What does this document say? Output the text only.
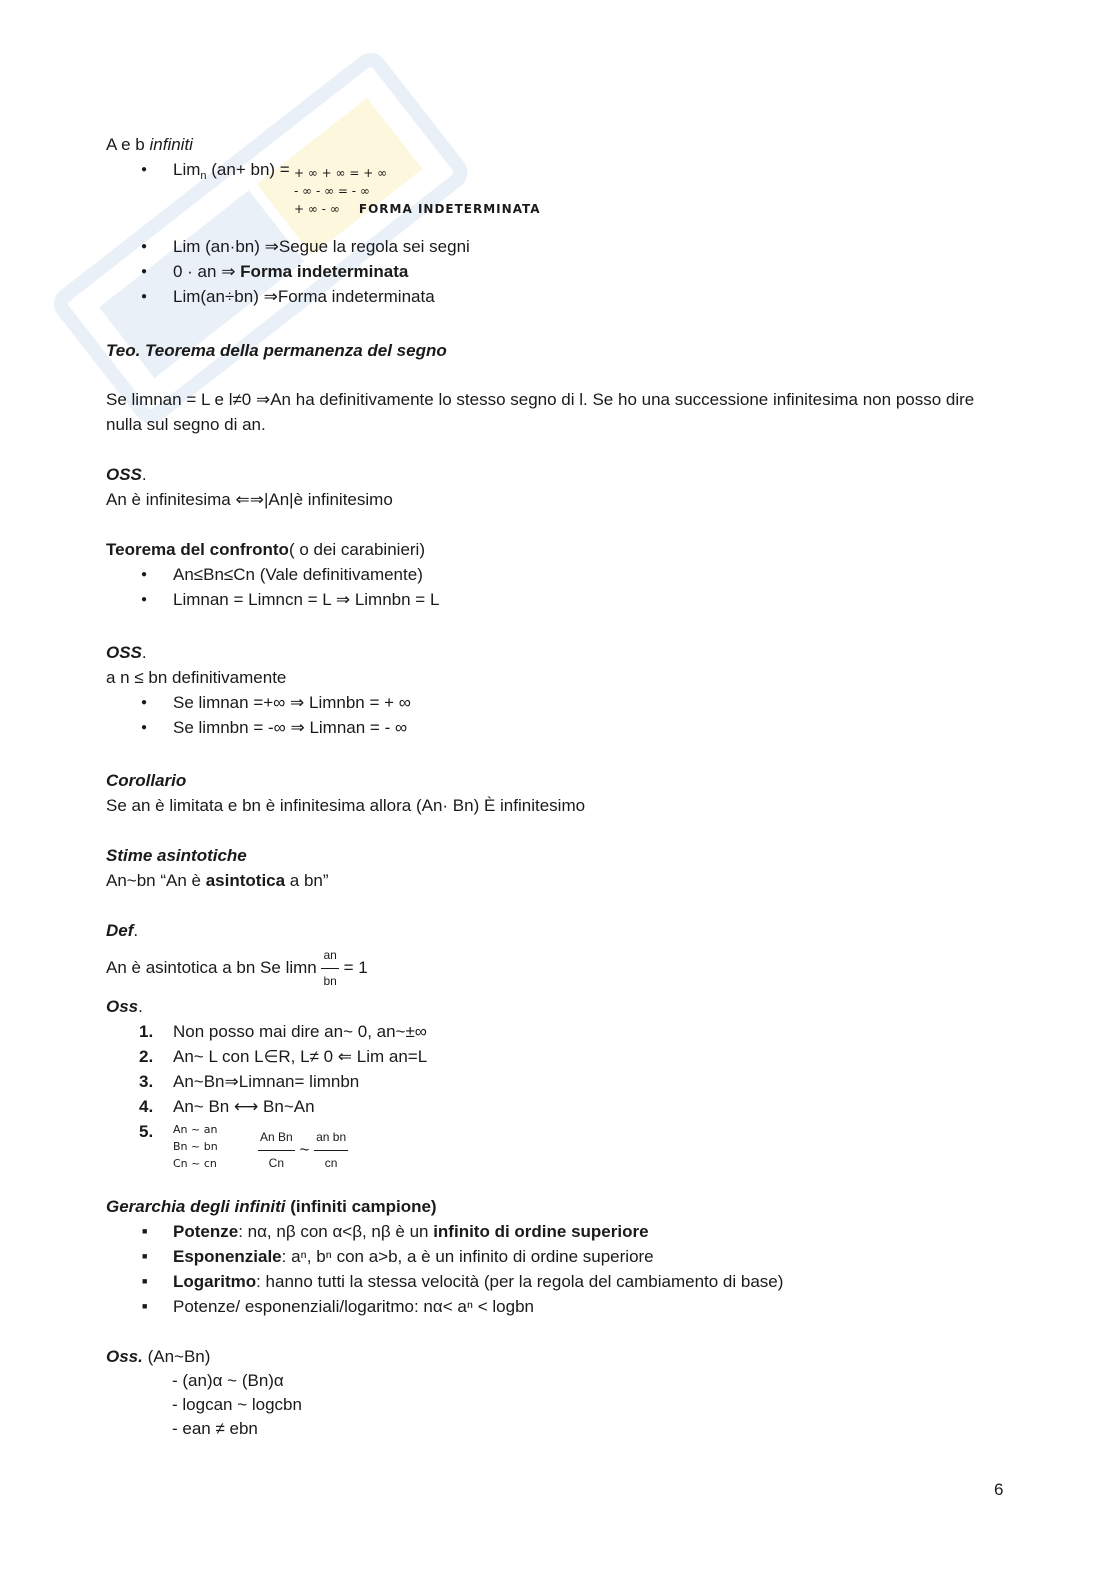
A e b infiniti
● Lim$_n$ (an+ bn) = + ∞ + ∞ = + ∞
- ∞ - ∞ = - ∞
+ ∞ - ∞ FORMA INDETERMINATA
● Lim (an·bn) ⇒Segue la regola sei segni
● 0 · an ⇒ Forma indeterminata
● Lim(an÷bn) ⇒Forma indeterminata
Teo. Teorema della permanenza del segno
Se limnan = L e l≠0 ⇒An ha definitivamente lo stesso segno di l. Se ho una successione infinitesima non posso dire nulla sul segno di an.
OSS.
An è infinitesima ⇐⇒|An|è infinitesimo
Teorema del confronto( o dei carabinieri)
● An≤Bn≤Cn (Vale definitivamente)
● Limnan = Limncn = L ⇒ Limnbn = L
OSS.
a n ≤ bn definitivamente
● Se limnan =+∞ ⇒ Limnbn = + ∞
● Se limnbn = -∞ ⇒ Limnan = - ∞
Corollario
Se an è limitata e bn è infinitesima allora (An· Bn) È infinitesimo
Stime asintotiche
An~bn “An è asintotica a bn”
Def.
An è asintotica a bn Se limn $\frac{an}{bn} = 1$
Oss.
1. Non posso mai dire an~ 0, an~±∞
2. An~ L con L∈R, L≠ 0 ⇐ Lim an=L
3. An~Bn⇒Limnan= limnbn
4. An~ Bn ⟷ Bn~An
5. An ~ an
Bn ~ bn
Cn ~ cn	$\frac{\text{An Bn}}{Cn}$ ~ $\frac{\text{an bn}}{cn}$
Gerarchia degli infiniti (infiniti campione)
■ Potenze: nα, nβ con α<β, nβ è un infinito di ordine superiore
■ Esponenziale: aⁿ, bⁿ con a>b, a è un infinito di ordine superiore
■ Logaritmo: hanno tutti la stessa velocità (per la regola del cambiamento di base)
■ Potenze/ esponenziali/logaritmo: nα< aⁿ < logbn
Oss. (An~Bn)
- (an)α ~ (Bn)α
- logcan ~ logcbn
- ean ≠ ebn
6
